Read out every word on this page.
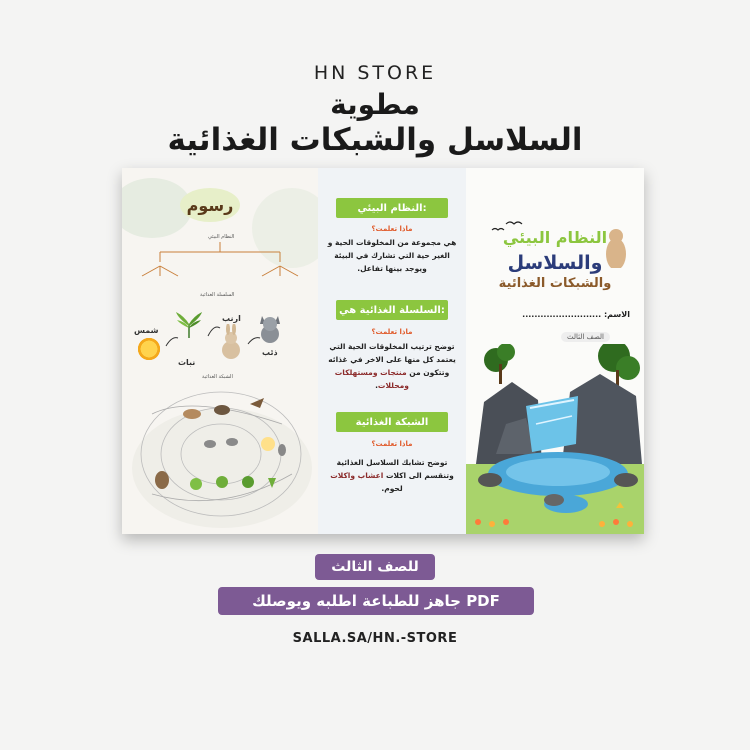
HN STORE
مطوية
السلاسل والشبكات الغذائية
رسوم
النظام البيئي
السلسلة الغذائية
الشبكة الغذائية
شمس
نبات
ارنب
ذئب
النظام البيئي:
ماذا تعلمت؟
هي مجموعة من المخلوقات الحية و الغير حية التي تشارك في البيئة ويوجد بينها تفاعل.
السلسلة الغذائية هي:
ماذا تعلمت؟
توضح ترتيب المخلوقات الحية التي يعتمد كل منها على الاخر في غذائه وتتكون من منتجات ومستهلكات ومحللات.
الشبكة الغذائية
ماذا تعلمت؟
توضح تشابك السلاسل الغذائية وتنقسم الى اكلات اعشاب واكلات لحوم.
النظام البيئي
والسلاسل
والشبكات الغذائية
الاسم: ..........................
الصف الثالث
للصف الثالث
جاهز للطباعة اطلبه ويوصلك PDF
SALLA.SA/HN.-STORE
